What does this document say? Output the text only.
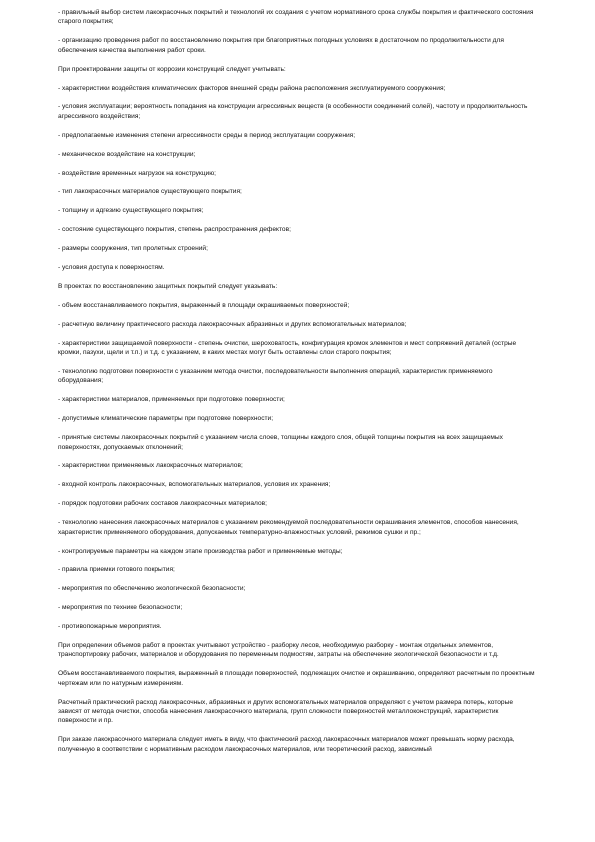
- правильный выбор систем лакокрасочных покрытий и технологий их создания с учетом нормативного срока службы покрытия и фактического состояния старого покрытия;

- организацию проведения работ по восстановлению покрытия при благоприятных погодных условиях в достаточном по продолжительности для обеспечения качества выполнения работ сроки.

При проектировании защиты от коррозии конструкций следует учитывать:

- характеристики воздействия климатических факторов внешней среды района расположения эксплуатируемого сооружения;

- условия эксплуатации; вероятность попадания на конструкции агрессивных веществ (в особенности соединений солей), частоту и продолжительность агрессивного воздействия;

- предполагаемые изменения степени агрессивности среды в период эксплуатации сооружения;

- механическое воздействие на конструкции;

- воздействие временных нагрузок на конструкцию;

- тип лакокрасочных материалов существующего покрытия;

- толщину и адгезию существующего покрытия;

- состояние существующего покрытия, степень распространения дефектов;

- размеры сооружения, тип пролетных строений;

- условия доступа к поверхностям.

В проектах по восстановлению защитных покрытий следует указывать:

- объем восстанавливаемого покрытия, выраженный в площади окрашиваемых поверхностей;

- расчетную величину практического расхода лакокрасочных абразивных и других вспомогательных материалов;

- характеристики защищаемой поверхности - степень очистки, шероховатость, конфигурация кромок элементов и мест сопряжений деталей (острые кромки, пазухи, щели и т.п.) и т.д. с указанием, в каких местах могут быть оставлены слои старого покрытия;

- технологию подготовки поверхности с указанием метода очистки, последовательности выполнения операций, характеристик применяемого оборудования;

- характеристики материалов, применяемых при подготовке поверхности;

- допустимые климатические параметры при подготовке поверхности;

- принятые системы лакокрасочных покрытий с указанием числа слоев, толщины каждого слоя, общей толщины покрытия на всех защищаемых поверхностях, допускаемых отклонений;

- характеристики применяемых лакокрасочных материалов;

- входной контроль лакокрасочных, вспомогательных материалов, условия их хранения;

- порядок подготовки рабочих составов лакокрасочных материалов;

- технологию нанесения лакокрасочных материалов с указанием рекомендуемой последовательности окрашивания элементов, способов нанесения, характеристик применяемого оборудования, допускаемых температурно-влажностных условий, режимов сушки и пр.;

- контролируемые параметры на каждом этапе производства работ и применяемые методы;

- правила приемки готового покрытия;

- мероприятия по обеспечению экологической безопасности;

- мероприятия по технике безопасности;

- противопожарные мероприятия.

При определении объемов работ в проектах учитывают устройство - разборку лесов, необходимую разборку - монтаж отдельных элементов, транспортировку рабочих, материалов и оборудования по переменным подмостям, затраты на обеспечение экологической безопасности и т.д.

Объем восстанавливаемого покрытия, выраженный в площади поверхностей, подлежащих очистке и окрашиванию, определяют расчетным по проектным чертежам или по натурным измерениям.

Расчетный практический расход лакокрасочных, абразивных и других вспомогательных материалов определяют с учетом размера потерь, которые зависят от метода очистки, способа нанесения лакокрасочного материала, групп сложности поверхностей металлоконструкций, характеристик поверхности и пр.

При заказе лакокрасочного материала следует иметь в виду, что фактический расход лакокрасочных материалов может превышать норму расхода, полученную в соответствии с нормативным расходом лакокрасочных материалов, или теоретический расход, зависимый
